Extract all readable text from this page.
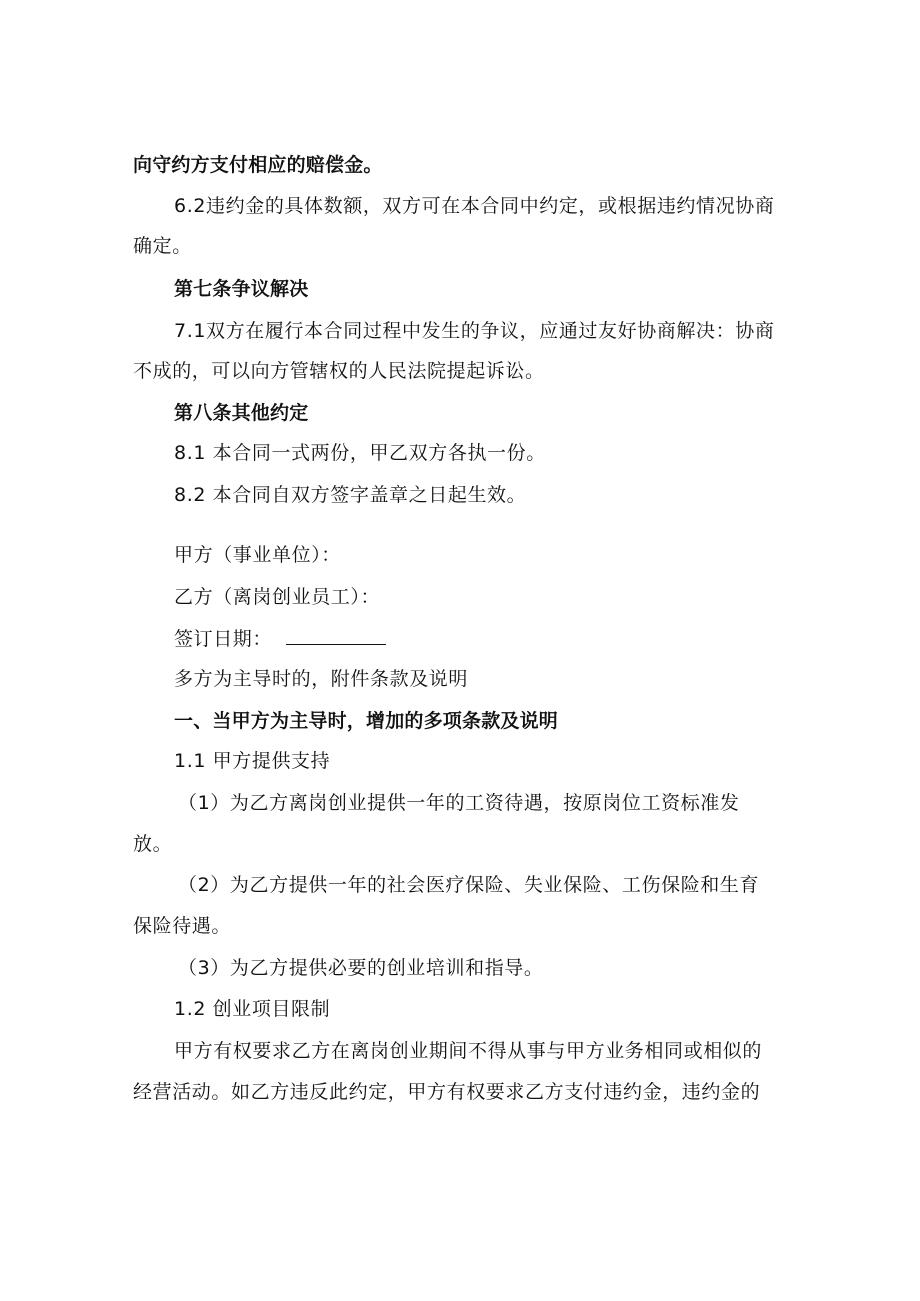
向守约方支付相应的赔偿金。
6.2违约金的具体数额，双方可在本合同中约定，或根据违约情况协商
确定。
第七条争议解决
7.1双方在履行本合同过程中发生的争议，应通过友好协商解决：协商
不成的，可以向方管辖权的人民法院提起诉讼。
第八条其他约定
8.1 本合同一式两份，甲乙双方各执一份。
8.2 本合同自双方签字盖章之日起生效。
甲方（事业单位）：
乙方（离岗创业员工）：
签订日期：
多方为主导时的，附件条款及说明
一、当甲方为主导时，增加的多项条款及说明
1.1 甲方提供支持
（1）为乙方离岗创业提供一年的工资待遇，按原岗位工资标准发
放。
（2）为乙方提供一年的社会医疗保险、失业保险、工伤保险和生育
保险待遇。
（3）为乙方提供必要的创业培训和指导。
1.2 创业项目限制
甲方有权要求乙方在离岗创业期间不得从事与甲方业务相同或相似的
经营活动。如乙方违反此约定，甲方有权要求乙方支付违约金，违约金的
